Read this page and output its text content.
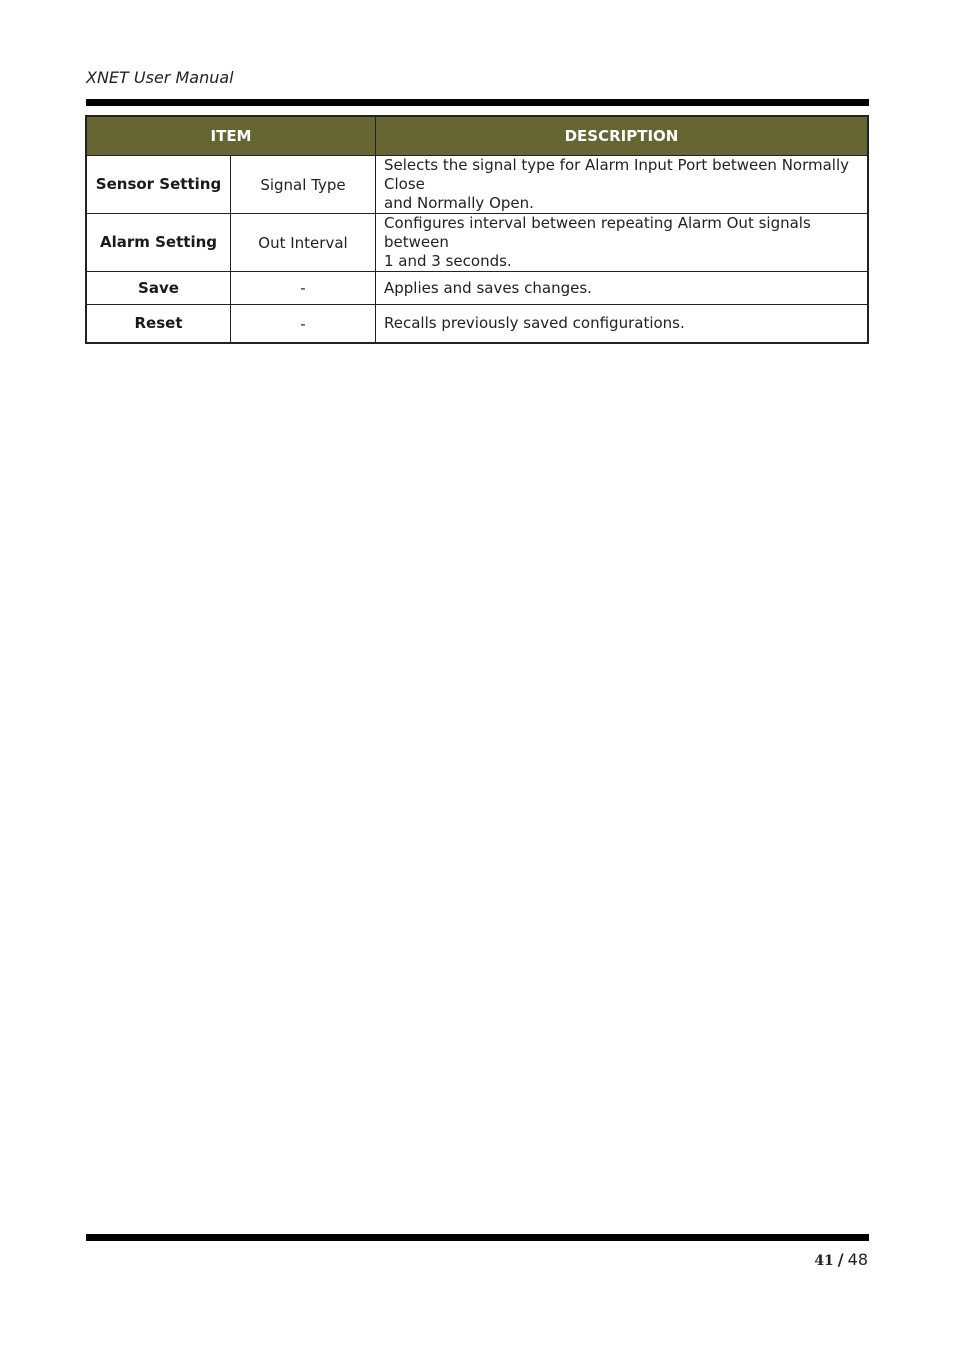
XNET User Manual
ITEM		DESCRIPTION
Sensor Setting	Signal Type	Selects the signal type for Alarm Input Port between Normally Close
and Normally Open.
Alarm Setting	Out Interval	Configures interval between repeating Alarm Out signals between
1 and 3 seconds.
Save	-	Applies and saves changes.
Reset	-	Recalls previously saved configurations.
41 / 48
